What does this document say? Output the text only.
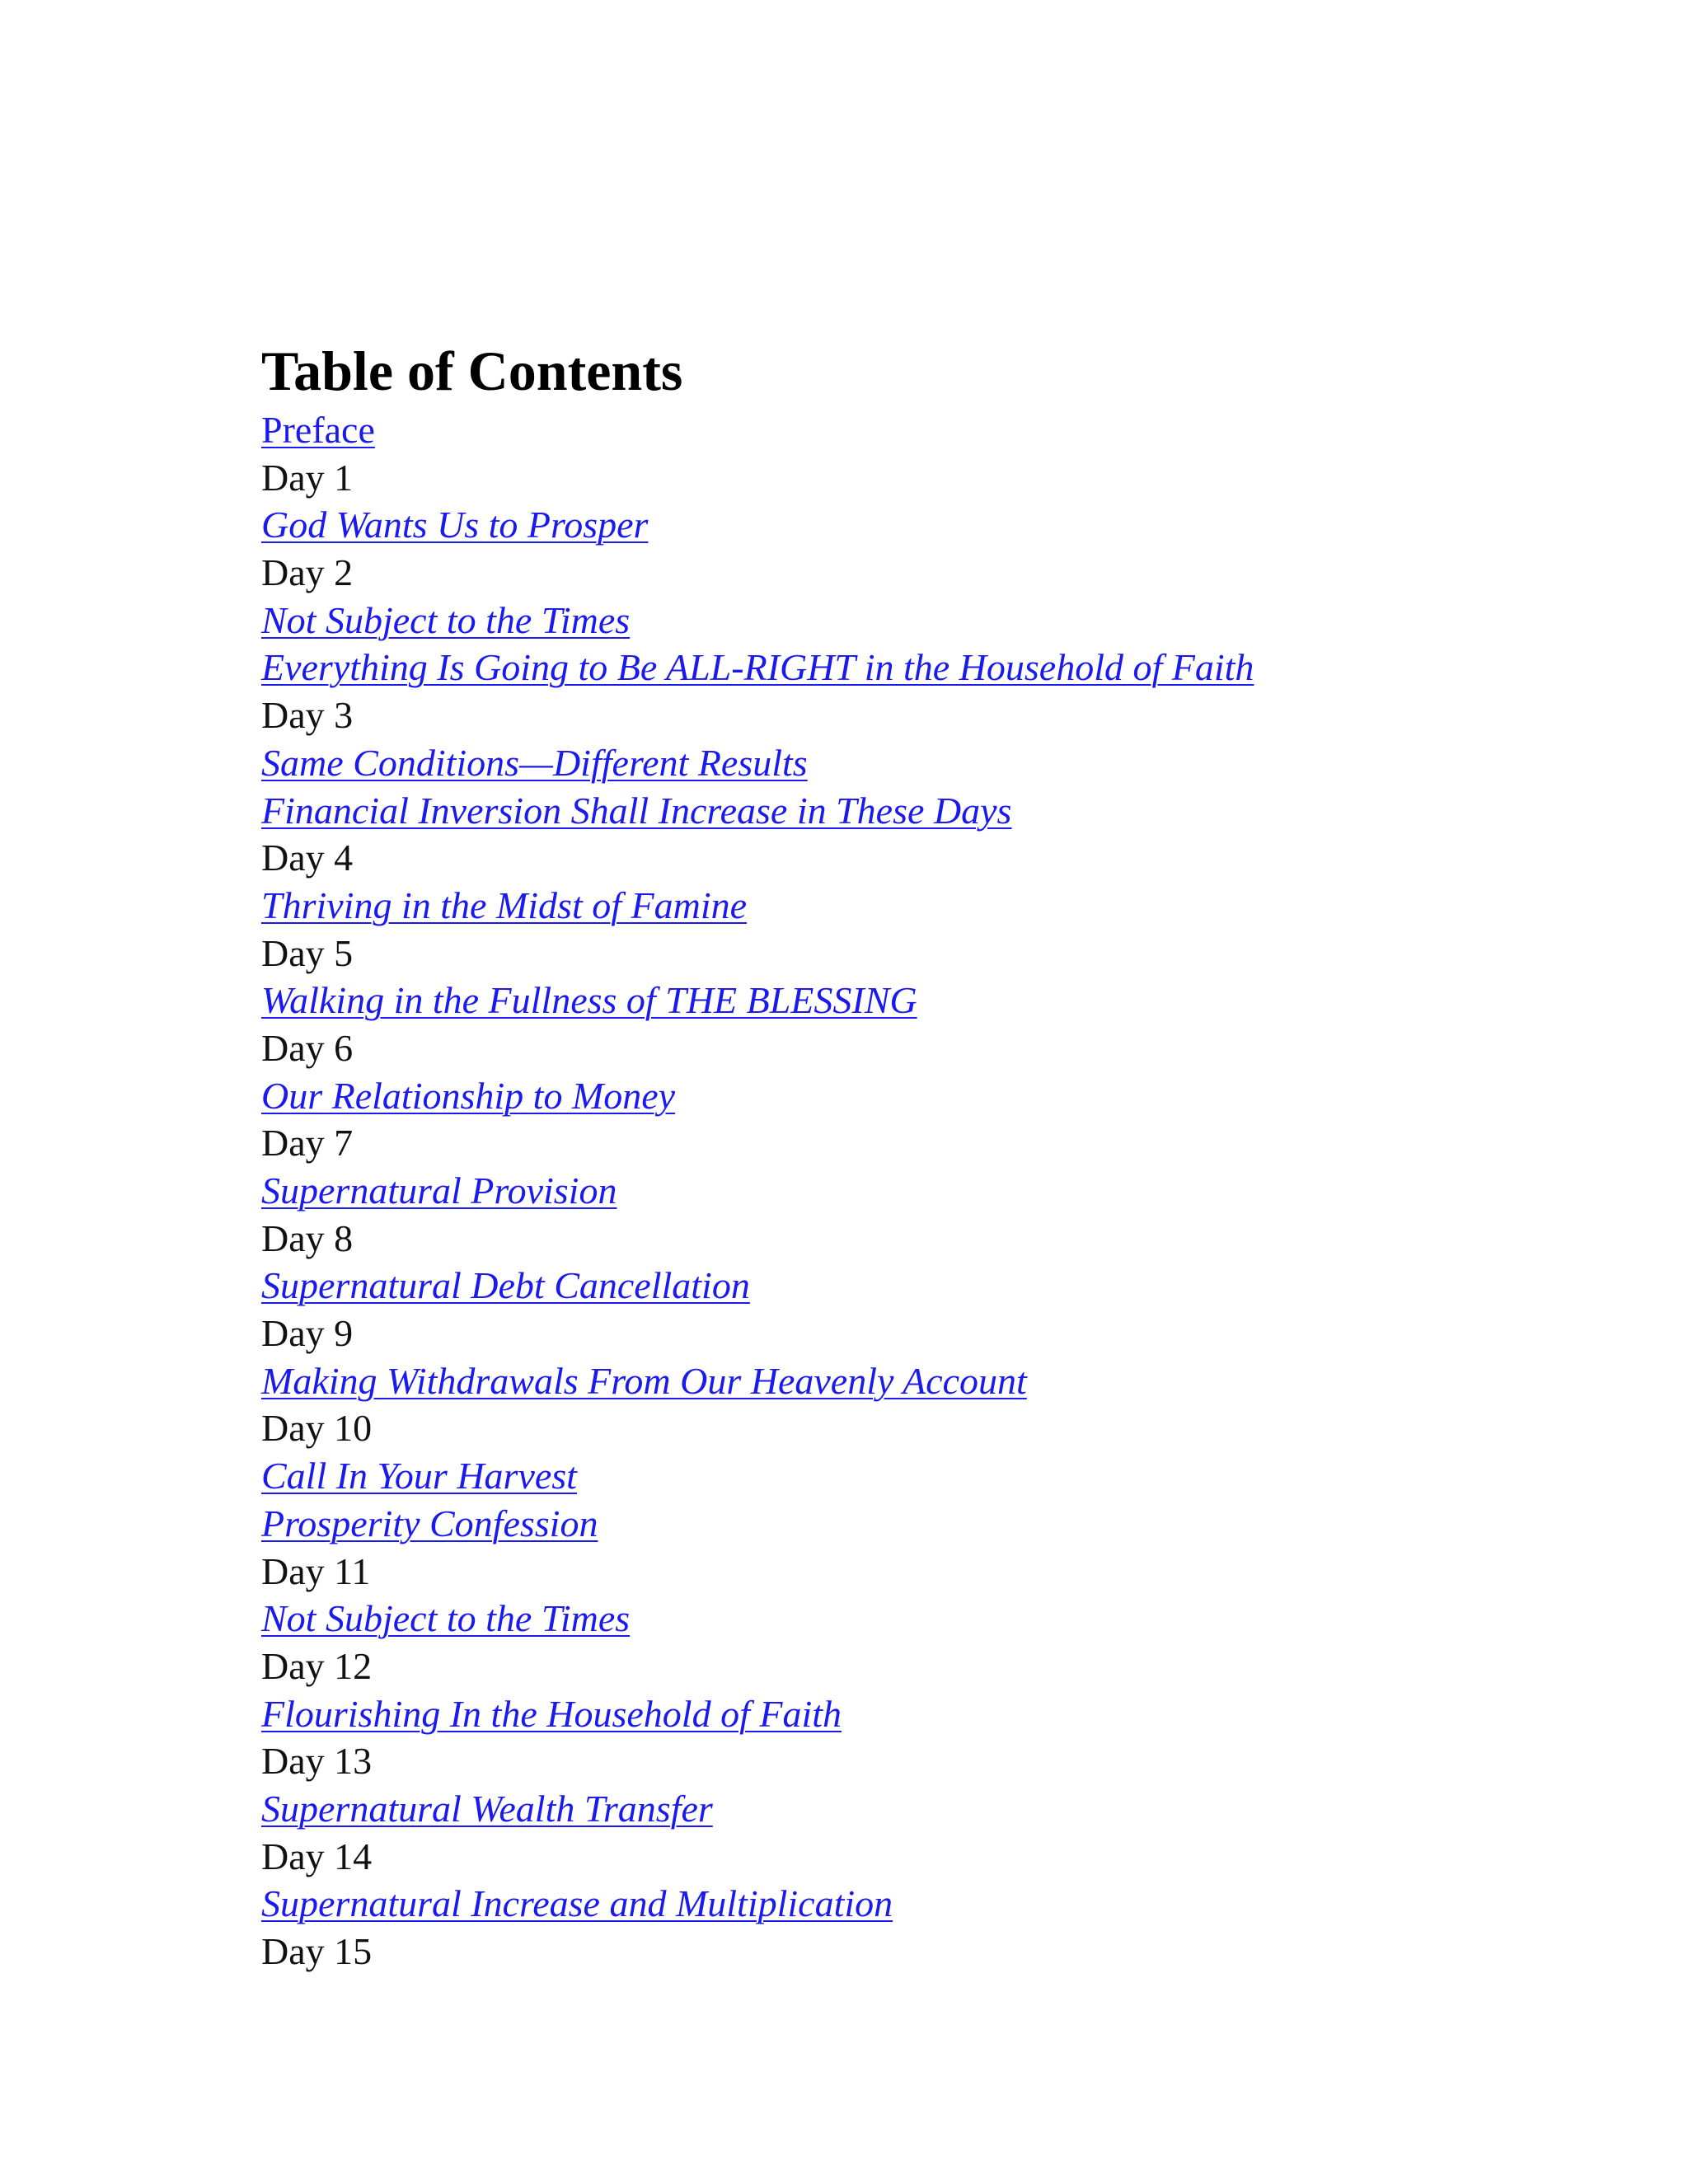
Table of Contents
Preface
Day 1
God Wants Us to Prosper
Day 2
Not Subject to the Times
Everything Is Going to Be ALL-RIGHT in the Household of Faith
Day 3
Same Conditions—Different Results
Financial Inversion Shall Increase in These Days
Day 4
Thriving in the Midst of Famine
Day 5
Walking in the Fullness of THE BLESSING
Day 6
Our Relationship to Money
Day 7
Supernatural Provision
Day 8
Supernatural Debt Cancellation
Day 9
Making Withdrawals From Our Heavenly Account
Day 10
Call In Your Harvest
Prosperity Confession
Day 11
Not Subject to the Times
Day 12
Flourishing In the Household of Faith
Day 13
Supernatural Wealth Transfer
Day 14
Supernatural Increase and Multiplication
Day 15
